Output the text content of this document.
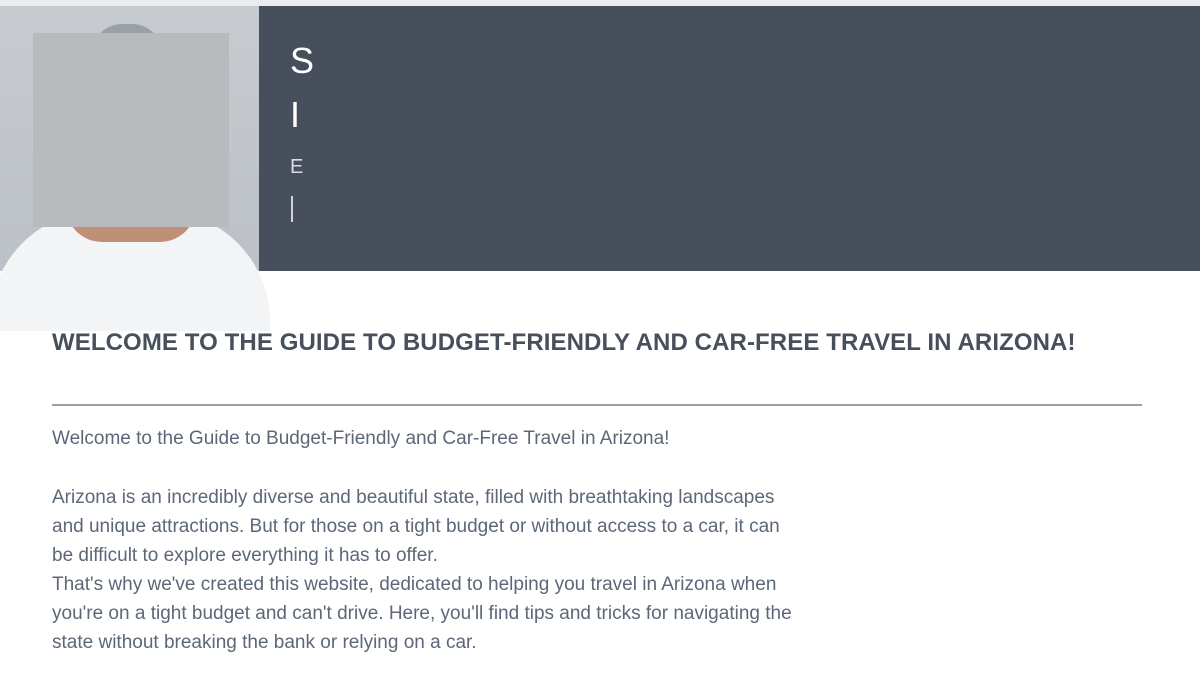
S
I
E
WELCOME TO THE GUIDE TO BUDGET-FRIENDLY AND CAR-FREE TRAVEL IN ARIZONA!
Welcome to the Guide to Budget-Friendly and Car-Free Travel in Arizona!

Arizona is an incredibly diverse and beautiful state, filled with breathtaking landscapes and unique attractions. But for those on a tight budget or without access to a car, it can be difficult to explore everything it has to offer.

That's why we've created this website, dedicated to helping you travel in Arizona when you're on a tight budget and can't drive. Here, you'll find tips and tricks for navigating the state without breaking the bank or relying on a car.
